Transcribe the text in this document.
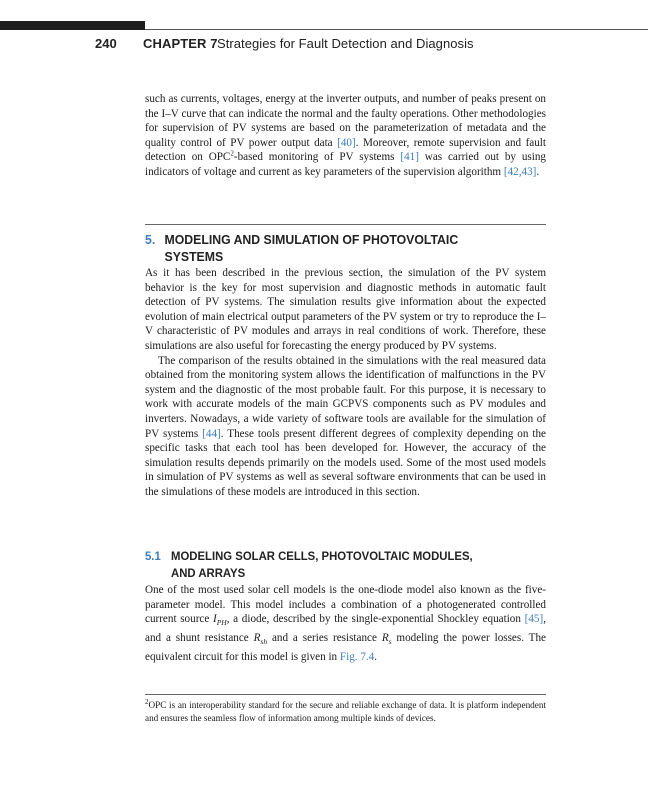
240 CHAPTER 7 Strategies for Fault Detection and Diagnosis

such as currents, voltages, energy at the inverter outputs, and number of peaks present on the I–V curve that can indicate the normal and the faulty operations. Other methodologies for supervision of PV systems are based on the parameterization of metadata and the quality control of PV power output data [40]. Moreover, remote supervision and fault detection on OPC$^2$-based monitoring of PV systems [41] was carried out by using indicators of voltage and current as key parameters of the supervision algorithm [42,43].

5. MODELING AND SIMULATION OF PHOTOVOLTAIC
SYSTEMS

As it has been described in the previous section, the simulation of the PV system behavior is the key for most supervision and diagnostic methods in automatic fault detection of PV systems. The simulation results give information about the expected evolution of main electrical output parameters of the PV system or try to reproduce the I–V characteristic of PV modules and arrays in real conditions of work. Therefore, these simulations are also useful for forecasting the energy produced by PV systems.

The comparison of the results obtained in the simulations with the real measured data obtained from the monitoring system allows the identification of malfunctions in the PV system and the diagnostic of the most probable fault. For this purpose, it is necessary to work with accurate models of the main GCPVS components such as PV modules and inverters. Nowadays, a wide variety of software tools are available for the simulation of PV systems [44]. These tools present different degrees of complexity depending on the specific tasks that each tool has been developed for. However, the accuracy of the simulation results depends primarily on the models used. Some of the most used models in simulation of PV systems as well as several software environments that can be used in the simulations of these models are introduced in this section.

5.1 MODELING SOLAR CELLS, PHOTOVOLTAIC MODULES,
AND ARRAYS

One of the most used solar cell models is the one-diode model also known as the five-parameter model. This model includes a combination of a photogenerated controlled current source $I_{PH}$, a diode, described by the single-exponential Shockley equation [45], and a shunt resistance $R_{sh}$ and a series resistance $R_s$ modeling the power losses. The equivalent circuit for this model is given in Fig. 7.4.

$^2$OPC is an interoperability standard for the secure and reliable exchange of data. It is platform independent and ensures the seamless flow of information among multiple kinds of devices.
